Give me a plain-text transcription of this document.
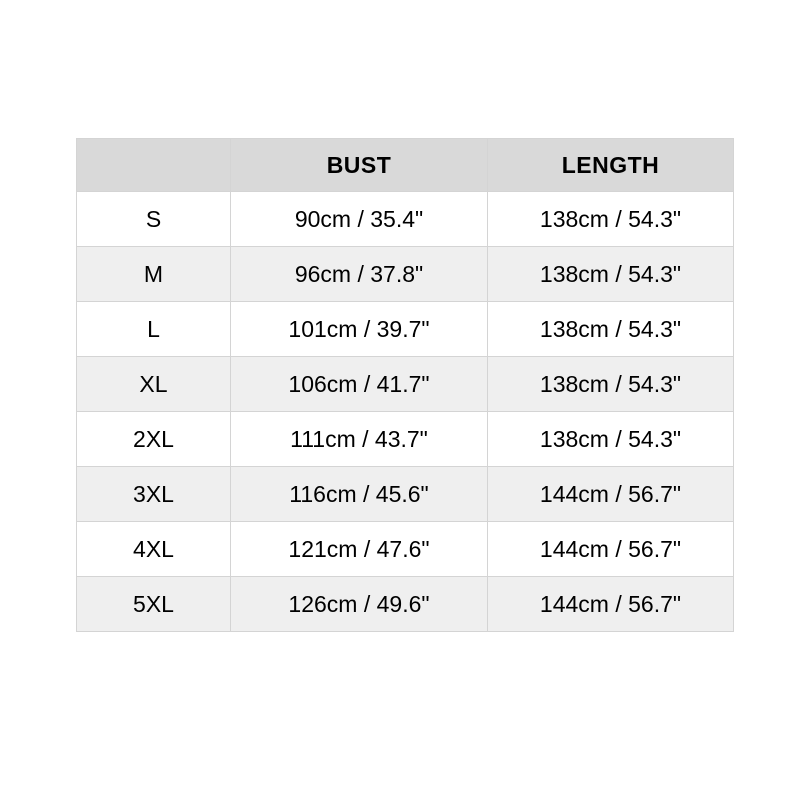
	BUST	LENGTH
S	90cm / 35.4"	138cm / 54.3"
M	96cm / 37.8"	138cm / 54.3"
L	101cm / 39.7"	138cm / 54.3"
XL	106cm / 41.7"	138cm / 54.3"
2XL	111cm / 43.7"	138cm / 54.3"
3XL	116cm / 45.6"	144cm / 56.7"
4XL	121cm / 47.6"	144cm / 56.7"
5XL	126cm / 49.6"	144cm / 56.7"
